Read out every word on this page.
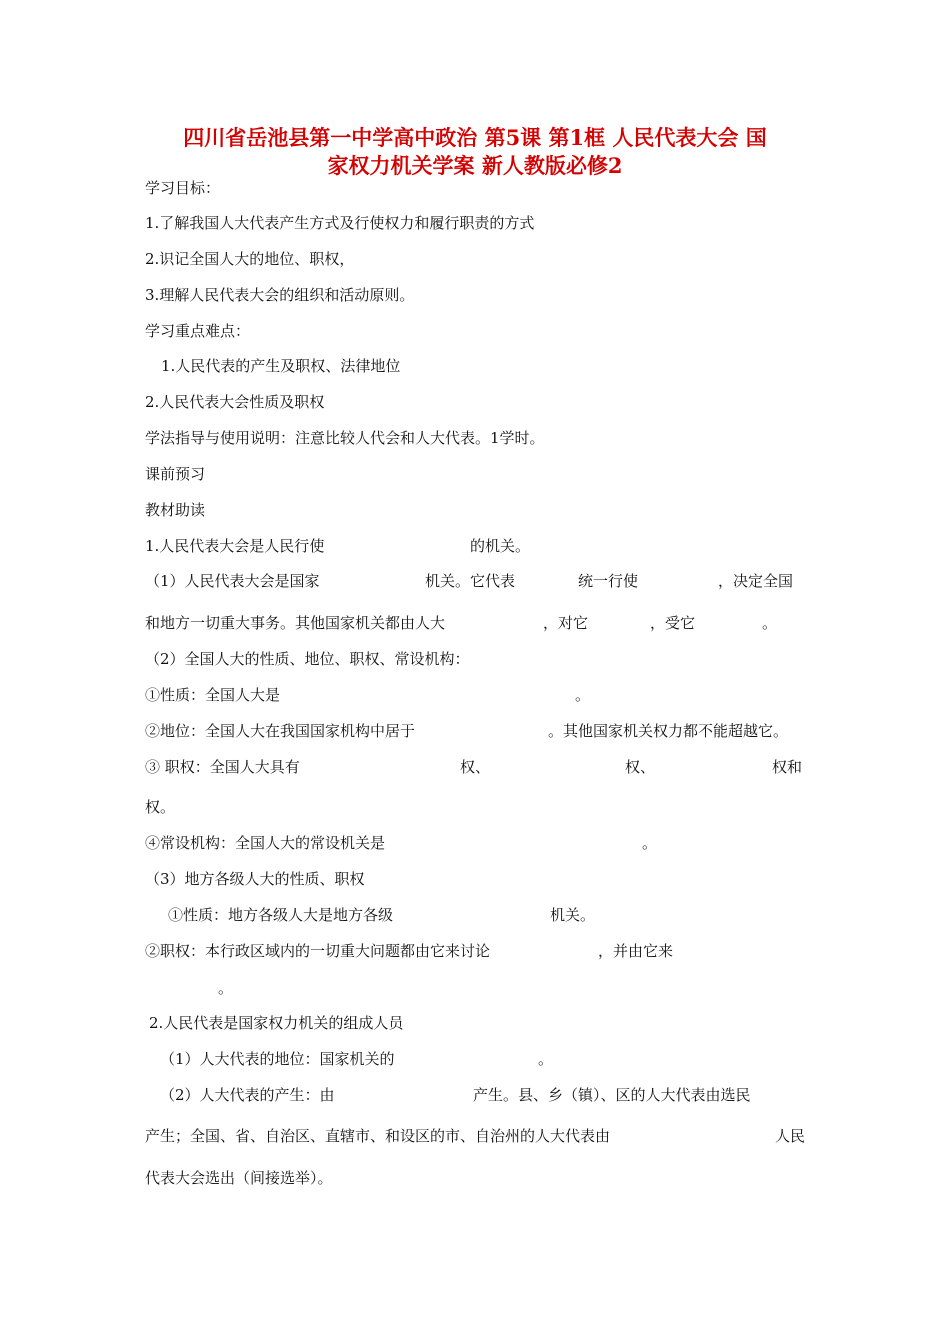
四川省岳池县第一中学高中政治 第5课 第1框 人民代表大会 国
家权力机关学案 新人教版必修2
学习目标：
1.了解我国人大代表产生方式及行使权力和履行职责的方式
2.识记全国人大的地位、职权，
3.理解人民代表大会的组织和活动原则。
学习重点难点：
1.人民代表的产生及职权、法律地位
2.人民代表大会性质及职权
学法指导与使用说明：注意比较人代会和人大代表。1学时。
课前预习
教材助读
1.人民代表大会是人民行使	的机关。
（1）人民代表大会是国家	机关。它代表	统一行使	，决定全国
和地方一切重大事务。其他国家机关都由人大	，对它	，受它	。
（2）全国人大的性质、地位、职权、常设机构：
①性质：全国人大是	。
②地位：全国人大在我国国家机构中居于	。其他国家机关权力都不能超越它。
③ 职权：全国人大具有	权、	权、	权和
权。
④常设机构：全国人大的常设机关是	。
（3）地方各级人大的性质、职权
①性质：地方各级人大是地方各级	机关。
②职权：本行政区域内的一切重大问题都由它来讨论	，并由它来
。
2.人民代表是国家权力机关的组成人员
（1）人大代表的地位：国家机关的	。
（2）人大代表的产生：由	产生。县、乡（镇）、区的人大代表由选民
产生；全国、省、自治区、直辖市、和设区的市、自治州的人大代表由	人民
代表大会选出（间接选举）。
